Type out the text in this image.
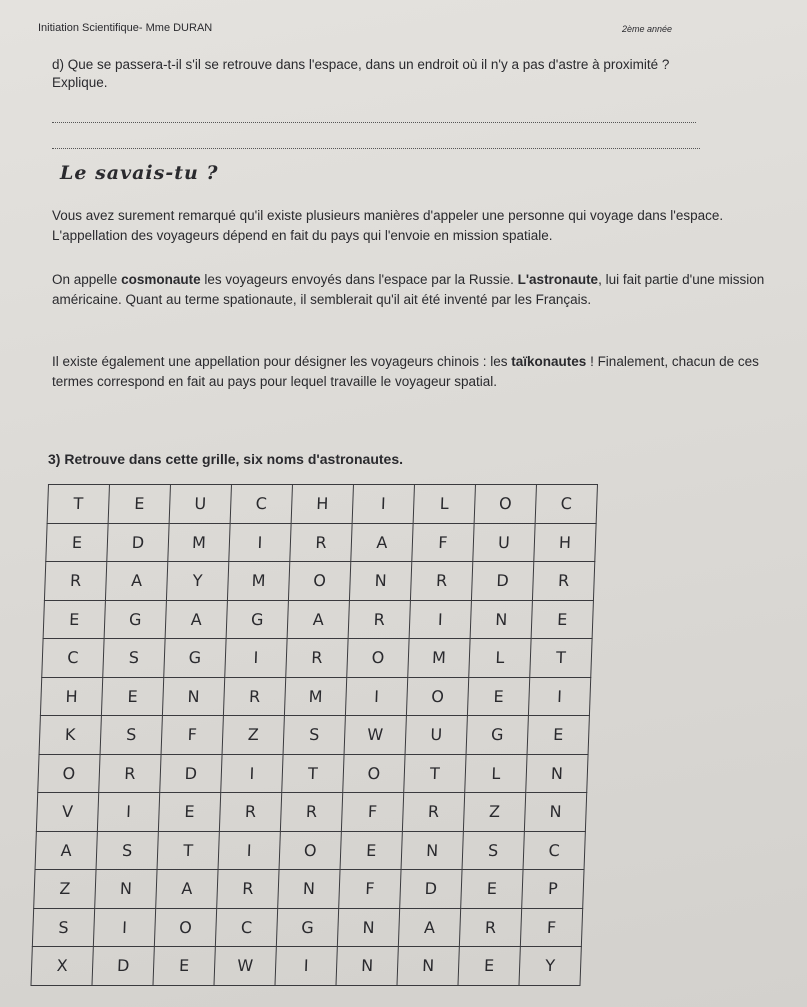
Initiation Scientifique- Mme DURAN	2ème année
d) Que se passera-t-il s'il se retrouve dans l'espace, dans un endroit où il n'y a pas d'astre à proximité ? Explique.
Le savais-tu ?
Vous avez surement remarqué qu'il existe plusieurs manières d'appeler une personne qui voyage dans l'espace. L'appellation des voyageurs dépend en fait du pays qui l'envoie en mission spatiale.
On appelle cosmonaute les voyageurs envoyés dans l'espace par la Russie. L'astronaute, lui fait partie d'une mission américaine. Quant au terme spationaute, il semblerait qu'il ait été inventé par les Français.
Il existe également une appellation pour désigner les voyageurs chinois : les taïkonautes ! Finalement, chacun de ces termes correspond en fait au pays pour lequel travaille le voyageur spatial.
3) Retrouve dans cette grille, six noms d'astronautes.
T	E	U	C	H	I	L	O	C
E	D	M	I	R	A	F	U	H
R	A	Y	M	O	N	R	D	R
E	G	A	G	A	R	I	N	E
C	S	G	I	R	O	M	L	T
H	E	N	R	M	I	O	E	I
K	S	F	Z	S	W	U	G	E
O	R	D	I	T	O	T	L	N
V	I	E	R	R	F	R	Z	N
A	S	T	I	O	E	N	S	C
Z	N	A	R	N	F	D	E	P
S	I	O	C	G	N	A	R	F
X	D	E	W	I	N	N	E	Y
